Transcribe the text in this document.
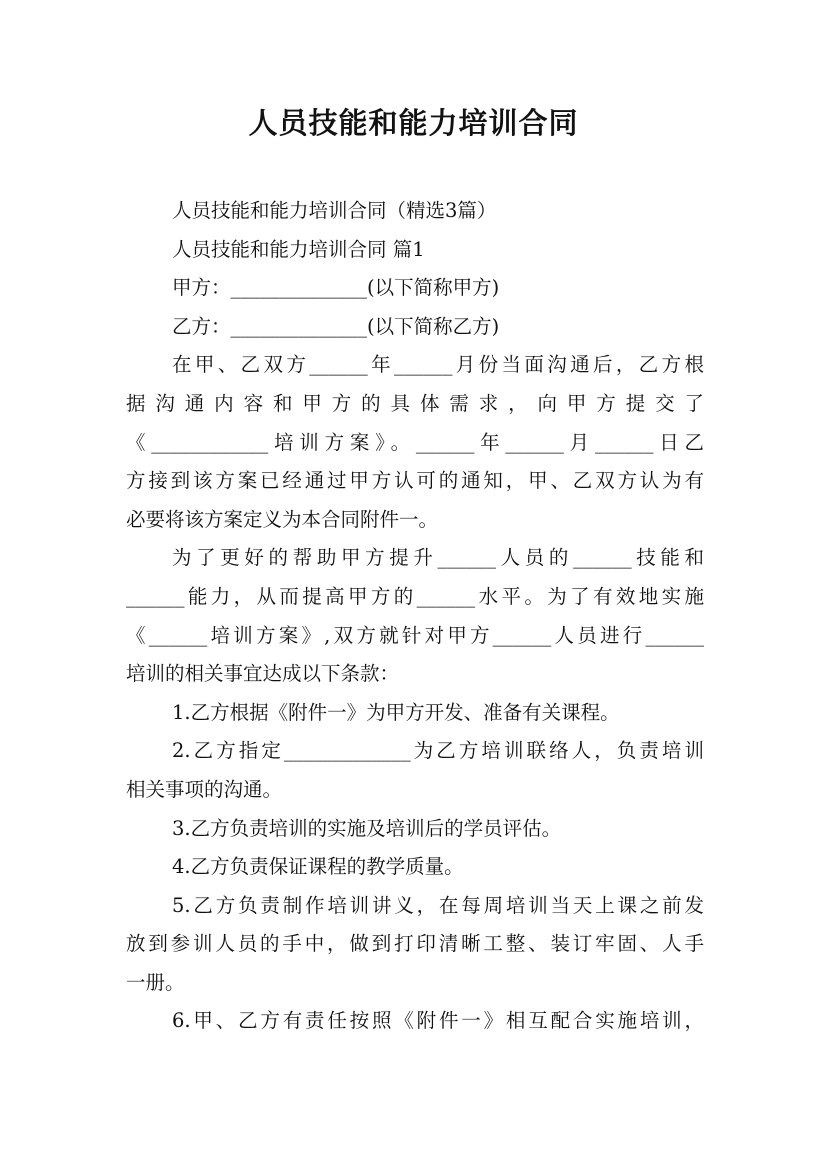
人员技能和能力培训合同

人员技能和能力培训合同（精选3篇）

人员技能和能力培训合同 篇1

甲方：______________(以下简称甲方)

乙方：______________(以下简称乙方)

在甲、乙双方______年______月份当面沟通后，乙方根

据沟通内容和甲方的具体需求，向甲方提交了

《____________培训方案》。______年______月______日乙

方接到该方案已经通过甲方认可的通知，甲、乙双方认为有

必要将该方案定义为本合同附件一。

为了更好的帮助甲方提升______人员的______技能和

______能力，从而提高甲方的______水平。为了有效地实施

《______培训方案》,双方就针对甲方______人员进行______

培训的相关事宜达成以下条款：

1.乙方根据《附件一》为甲方开发、准备有关课程。

2.乙方指定_____________为乙方培训联络人，负责培训

相关事项的沟通。

3.乙方负责培训的实施及培训后的学员评估。

4.乙方负责保证课程的教学质量。

5.乙方负责制作培训讲义，在每周培训当天上课之前发

放到参训人员的手中，做到打印清晰工整、装订牢固、人手

一册。

6.甲、乙方有责任按照《附件一》相互配合实施培训，
